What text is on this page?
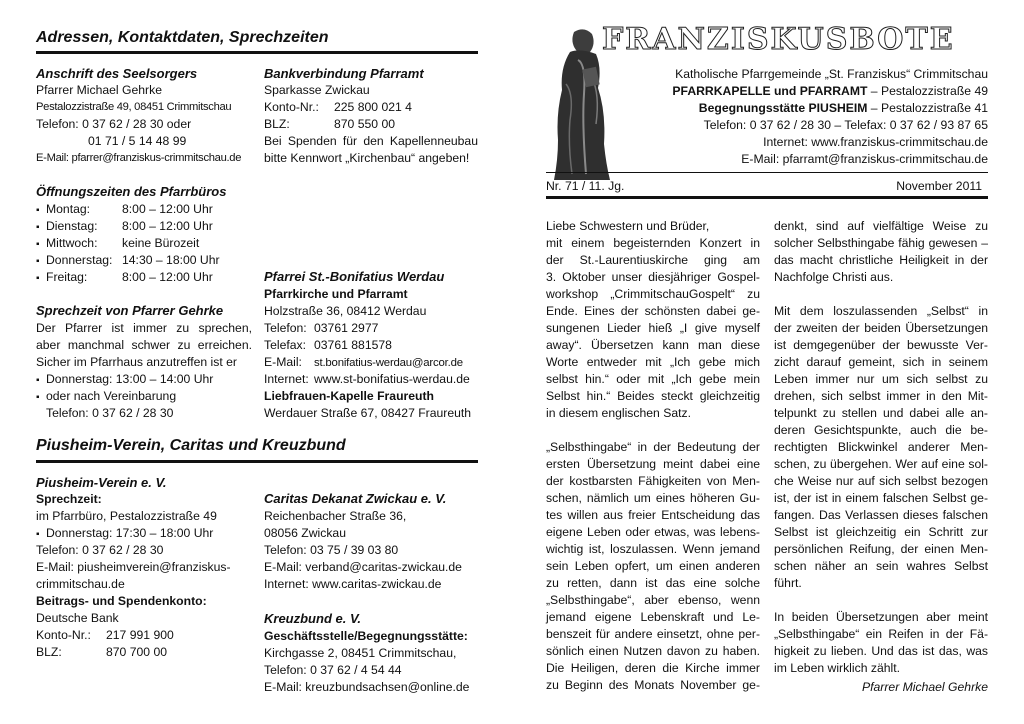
Adressen, Kontaktdaten, Sprechzeiten
Anschrift des Seelsorgers
Pfarrer Michael Gehrke
Pestalozzistraße 49, 08451 Crimmitschau
Telefon: 0 37 62 / 28 30 oder
01 71 / 5 14 48 99
E-Mail: pfarrer@franziskus-crimmitschau.de
Bankverbindung Pfarramt
Sparkasse Zwickau
Konto-Nr.: 225 800 021 4
BLZ:	870 550 00
Bei Spenden für den Kapellenneubau
bitte Kennwort „Kirchenbau“ angeben!
Öffnungszeiten des Pfarrbüros
▪ Montag:	8:00 – 12:00 Uhr
▪ Dienstag: 8:00 – 12:00 Uhr
▪ Mittwoch: keine Bürozeit
▪ Donnerstag: 14:30 – 18:00 Uhr
▪ Freitag:	8:00 – 12:00 Uhr
Sprechzeit von Pfarrer Gehrke
Der Pfarrer ist immer zu sprechen,
aber manchmal schwer zu erreichen.
Sicher im Pfarrhaus anzutreffen ist er
▪ Donnerstag: 13:00 – 14:00 Uhr
▪ oder nach Vereinbarung
Telefon: 0 37 62 / 28 30
Pfarrei St.-Bonifatius Werdau
Pfarrkirche und Pfarramt
Holzstraße 36, 08412 Werdau
Telefon: 03761 2977
Telefax: 03761 881578
E-Mail: st.bonifatius-werdau@arcor.de
Internet: www.st-bonifatius-werdau.de
Liebfrauen-Kapelle Fraureuth
Werdauer Straße 67, 08427 Fraureuth
Piusheim-Verein, Caritas und Kreuzbund
Piusheim-Verein e. V.
Sprechzeit:
im Pfarrbüro, Pestalozzistraße 49
▪ Donnerstag: 17:30 – 18:00 Uhr
Telefon: 0 37 62 / 28 30
E-Mail: piusheimverein@franziskus-
crimmitschau.de
Beitrags- und Spendenkonto:
Deutsche Bank
Konto-Nr.: 217 991 900
BLZ:	870 700 00
Caritas Dekanat Zwickau e. V.
Reichenbacher Straße 36,
08056 Zwickau
Telefon: 03 75 / 39 03 80
E-Mail: verband@caritas-zwickau.de
Internet: www.caritas-zwickau.de
Kreuzbund e. V.
Geschäftsstelle/Begegnungsstätte:
Kirchgasse 2, 08451 Crimmitschau,
Telefon: 0 37 62 / 4 54 44
E-Mail: kreuzbundsachsen@online.de
FRANZISKUSBOTE
Katholische Pfarrgemeinde „St. Franziskus“ Crimmitschau
PFARRKAPELLE und PFARRAMT – Pestalozzistraße 49
Begegnungsstätte PIUSHEIM – Pestalozzistraße 41
Telefon: 0 37 62 / 28 30 – Telefax: 0 37 62 / 93 87 65
Internet: www.franziskus-crimmitschau.de
E-Mail: pfarramt@franziskus-crimmitschau.de
Nr. 71 / 11. Jg.	November 2011
Liebe Schwestern und Brüder,
mit einem begeisternden Konzert in
der St.-Laurentiuskirche ging am
3. Oktober unser diesjähriger Gospel-
workshop „CrimmitschauGospelt“ zu
Ende. Eines der schönsten dabei ge-
sungenen Lieder hieß „I give myself
away“. Übersetzen kann man diese
Worte entweder mit „Ich gebe mich
selbst hin.“ oder mit „Ich gebe mein
Selbst hin.“ Beides steckt gleichzeitig
in diesem englischen Satz.
„Selbsthingabe“ in der Bedeutung der
ersten Übersetzung meint dabei eine
der kostbarsten Fähigkeiten von Men-
schen, nämlich um eines höheren Gu-
tes willen aus freier Entscheidung das
eigene Leben oder etwas, was lebens-
wichtig ist, loszulassen. Wenn jemand
sein Leben opfert, um einen anderen
zu retten, dann ist das eine solche
„Selbsthingabe“, aber ebenso, wenn
jemand eigene Lebenskraft und Le-
benszeit für andere einsetzt, ohne per-
sönlich einen Nutzen davon zu haben.
Die Heiligen, deren die Kirche immer
zu Beginn des Monats November ge-
denkt, sind auf vielfältige Weise zu
solcher Selbsthingabe fähig gewesen –
das macht christliche Heiligkeit in der
Nachfolge Christi aus.
Mit dem loszulassenden „Selbst“ in
der zweiten der beiden Übersetzungen
ist demgegenüber der bewusste Ver-
zicht darauf gemeint, sich in seinem
Leben immer nur um sich selbst zu
drehen, sich selbst immer in den Mit-
telpunkt zu stellen und dabei alle an-
deren Gesichtspunkte, auch die be-
rechtigten Blickwinkel anderer Men-
schen, zu übergehen. Wer auf eine sol-
che Weise nur auf sich selbst bezogen
ist, der ist in einem falschen Selbst ge-
fangen. Das Verlassen dieses falschen
Selbst ist gleichzeitig ein Schritt zur
persönlichen Reifung, der einen Men-
schen näher an sein wahres Selbst
führt.
In beiden Übersetzungen aber meint
„Selbsthingabe“ ein Reifen in der Fä-
higkeit zu lieben. Und das ist das, was
im Leben wirklich zählt.
Pfarrer Michael Gehrke
